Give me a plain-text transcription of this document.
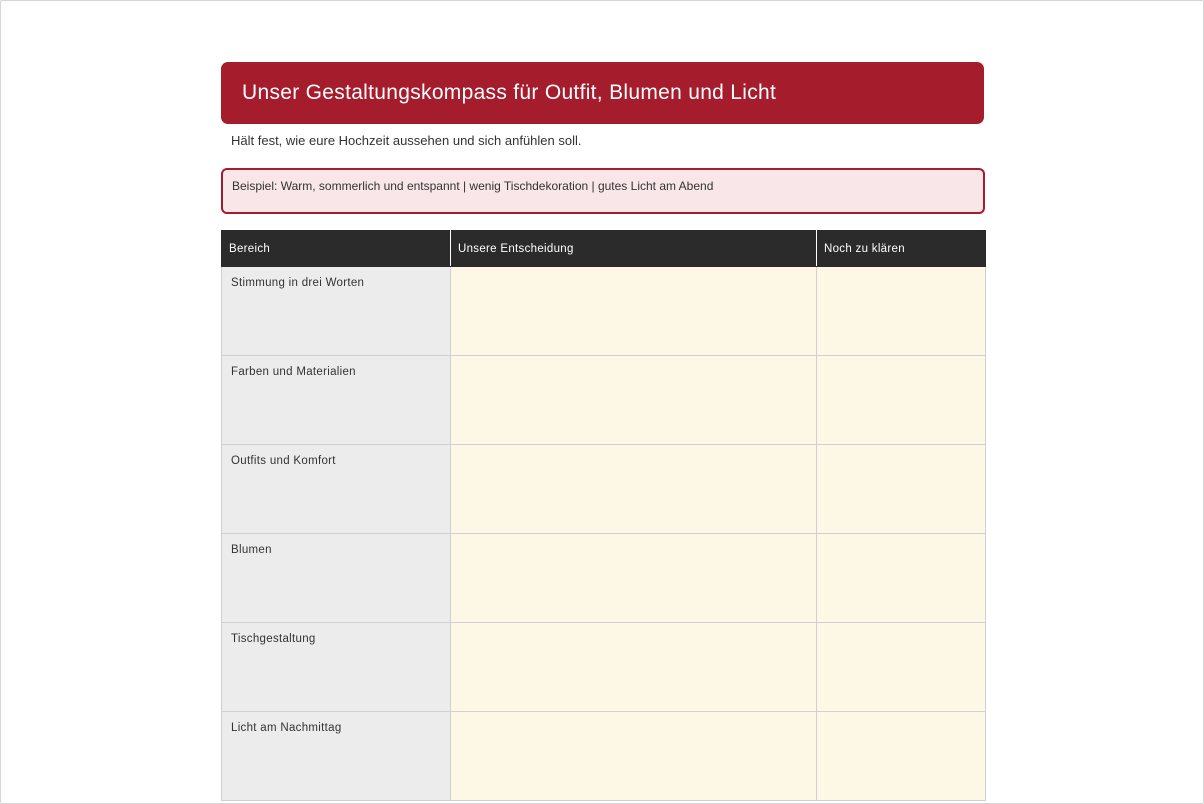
Unser Gestaltungskompass für Outfit, Blumen und Licht
Hält fest, wie eure Hochzeit aussehen und sich anfühlen soll.
Beispiel: Warm, sommerlich und entspannt | wenig Tischdekoration | gutes Licht am Abend
Bereich	Unsere Entscheidung	Noch zu klären
Stimmung in drei Worten		
Farben und Materialien		
Outfits und Komfort		
Blumen		
Tischgestaltung		
Licht am Nachmittag		
